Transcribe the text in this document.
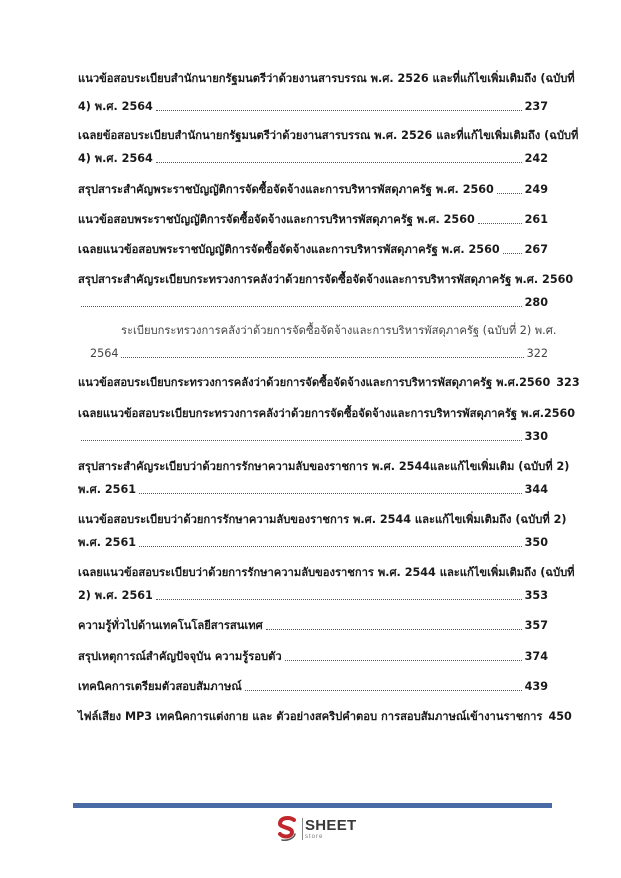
แนวข้อสอบระเบียบสำนักนายกรัฐมนตรีว่าด้วยงานสารบรรณ พ.ศ. 2526 และที่แก้ไขเพิ่มเติมถึง (ฉบับที่
4) พ.ศ. 2564	237
เฉลยข้อสอบระเบียบสำนักนายกรัฐมนตรีว่าด้วยงานสารบรรณ พ.ศ. 2526 และที่แก้ไขเพิ่มเติมถึง (ฉบับที่
4) พ.ศ. 2564	242
สรุปสาระสำคัญพระราชบัญญัติการจัดซื้อจัดจ้างและการบริหารพัสดุภาครัฐ พ.ศ. 2560	249
แนวข้อสอบพระราชบัญญัติการจัดซื้อจัดจ้างและการบริหารพัสดุภาครัฐ พ.ศ. 2560	261
เฉลยแนวข้อสอบพระราชบัญญัติการจัดซื้อจัดจ้างและการบริหารพัสดุภาครัฐ พ.ศ. 2560 267
สรุปสาระสำคัญระเบียบกระทรวงการคลังว่าด้วยการจัดซื้อจัดจ้างและการบริหารพัสดุภาครัฐ พ.ศ. 2560
280
ระเบียบกระทรวงการคลังว่าด้วยการจัดซื้อจัดจ้างและการบริหารพัสดุภาครัฐ (ฉบับที่ 2) พ.ศ.
2564	322
แนวข้อสอบระเบียบกระทรวงการคลังว่าด้วยการจัดซื้อจัดจ้างและการบริหารพัสดุภาครัฐ พ.ศ.2560 323
เฉลยแนวข้อสอบระเบียบกระทรวงการคลังว่าด้วยการจัดซื้อจัดจ้างและการบริหารพัสดุภาครัฐ พ.ศ.2560
330
สรุปสาระสำคัญระเบียบว่าด้วยการรักษาความลับของราชการ พ.ศ. 2544และแก้ไขเพิ่มเติม (ฉบับที่ 2)
พ.ศ. 2561	344
แนวข้อสอบระเบียบว่าด้วยการรักษาความลับของราชการ พ.ศ. 2544 และแก้ไขเพิ่มเติมถึง (ฉบับที่ 2)
พ.ศ. 2561	350
เฉลยแนวข้อสอบระเบียบว่าด้วยการรักษาความลับของราชการ พ.ศ. 2544 และแก้ไขเพิ่มเติมถึง (ฉบับที่
2) พ.ศ. 2561	353
ความรู้ทั่วไปด้านเทคโนโลยีสารสนเทศ	357
สรุปเหตุการณ์สำคัญปัจจุบัน ความรู้รอบตัว	374
เทคนิคการเตรียมตัวสอบสัมภาษณ์	439
ไฟล์เสียง MP3 เทคนิคการแต่งกาย และ ตัวอย่างสคริปคำตอบ การสอบสัมภาษณ์เข้างานราชการ 450
SHEET
store
